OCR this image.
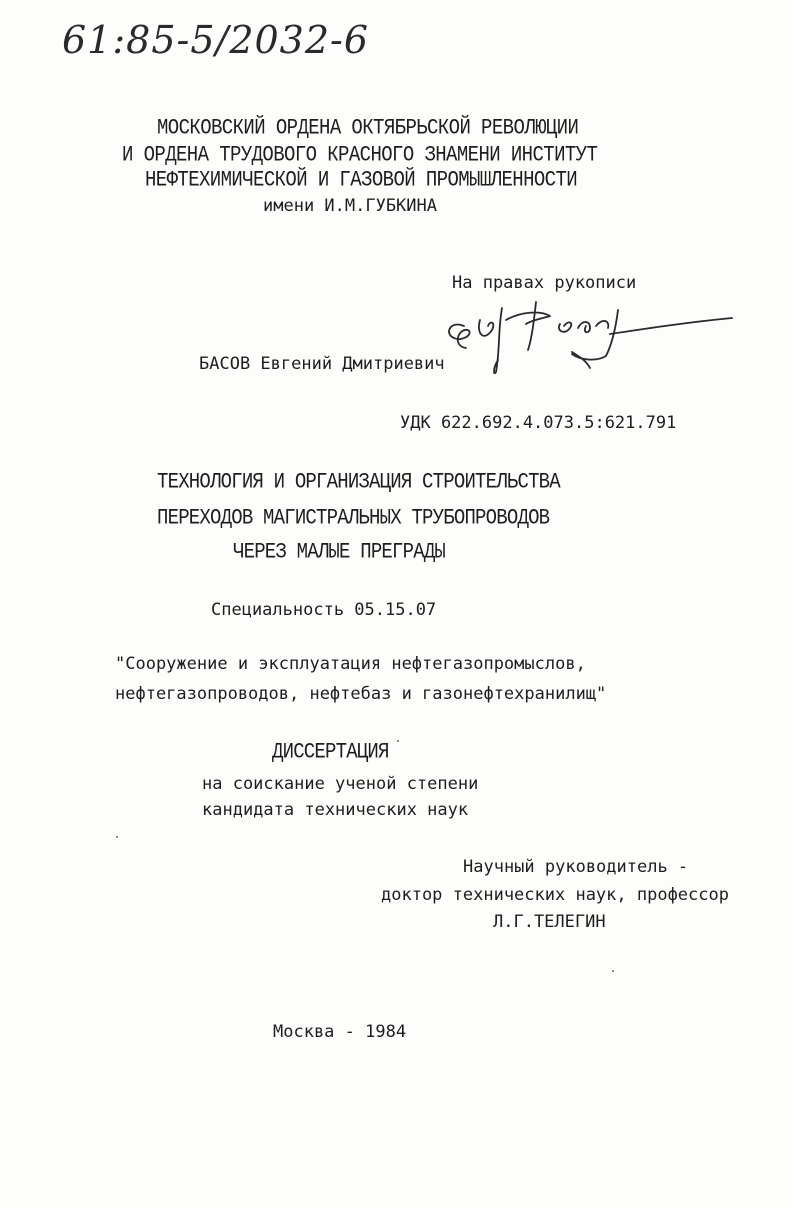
61:85-5/2032-6
МОСКОВСКИЙ ОРДЕНА ОКТЯБРЬСКОЙ РЕВОЛЮЦИИ
И ОРДЕНА ТРУДОВОГО КРАСНОГО ЗНАМЕНИ ИНСТИТУТ
НЕФТЕХИМИЧЕСКОЙ И ГАЗОВОЙ ПРОМЫШЛЕННОСТИ
имени И.М.ГУБКИНА
На правах рукописи
БАСОВ Евгений Дмитриевич
УДК 622.692.4.073.5:621.791
ТЕХНОЛОГИЯ И ОРГАНИЗАЦИЯ СТРОИТЕЛЬСТВА
ПЕРЕХОДОВ МАГИСТРАЛЬНЫХ ТРУБОПРОВОДОВ
ЧЕРЕЗ МАЛЫЕ ПРЕГРАДЫ
Специальность 05.15.07
"Сооружение и эксплуатация нефтегазопромыслов,
нефтегазопроводов, нефтебаз и газонефтехранилищ"
ДИССЕРТАЦИЯ
на соискание ученой степени
кандидата технических наук
Научный руководитель -
доктор технических наук, профессор
Л.Г.ТЕЛЕГИН
Москва - 1984
